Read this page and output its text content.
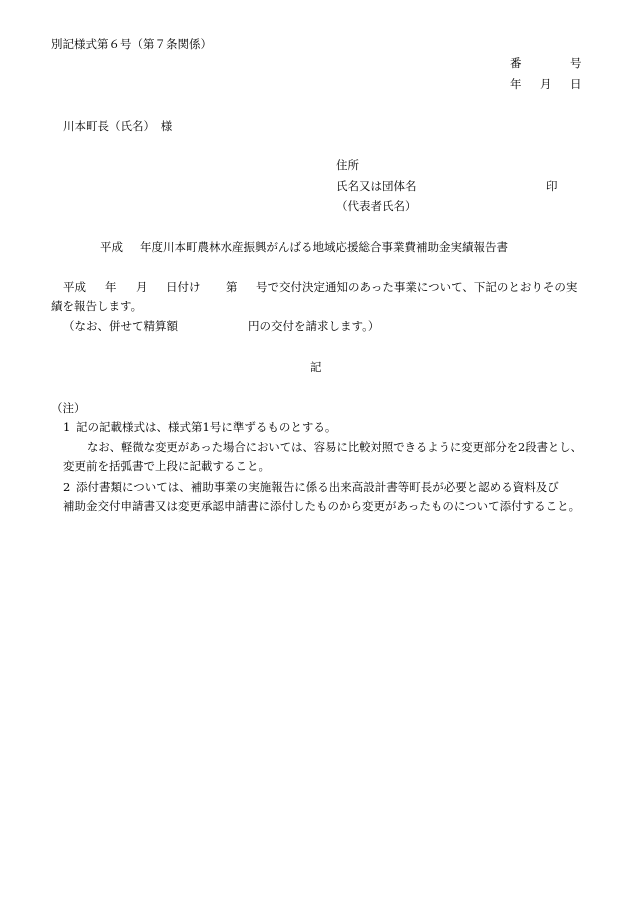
別記様式第６号（第７条関係）
番	号
年 月 日
川本町長（氏名）　様
住所
氏名又は団体名	印
（代表者氏名）
平成 年度川本町農林水産振興がんばる地域応援総合事業費補助金実績報告書
平成 年 月 日付け 第 号で交付決定通知のあった事業について、下記のとおりその実
績を報告します。
（なお、併せて精算額	円の交付を請求します。）
記
（注）
1 記の記載様式は、様式第1号に準ずるものとする。
なお、軽微な変更があった場合においては、容易に比較対照できるように変更部分を2段書とし、
変更前を括弧書で上段に記載すること。
2 添付書類については、補助事業の実施報告に係る出来高設計書等町長が必要と認める資料及び
補助金交付申請書又は変更承認申請書に添付したものから変更があったものについて添付すること。
